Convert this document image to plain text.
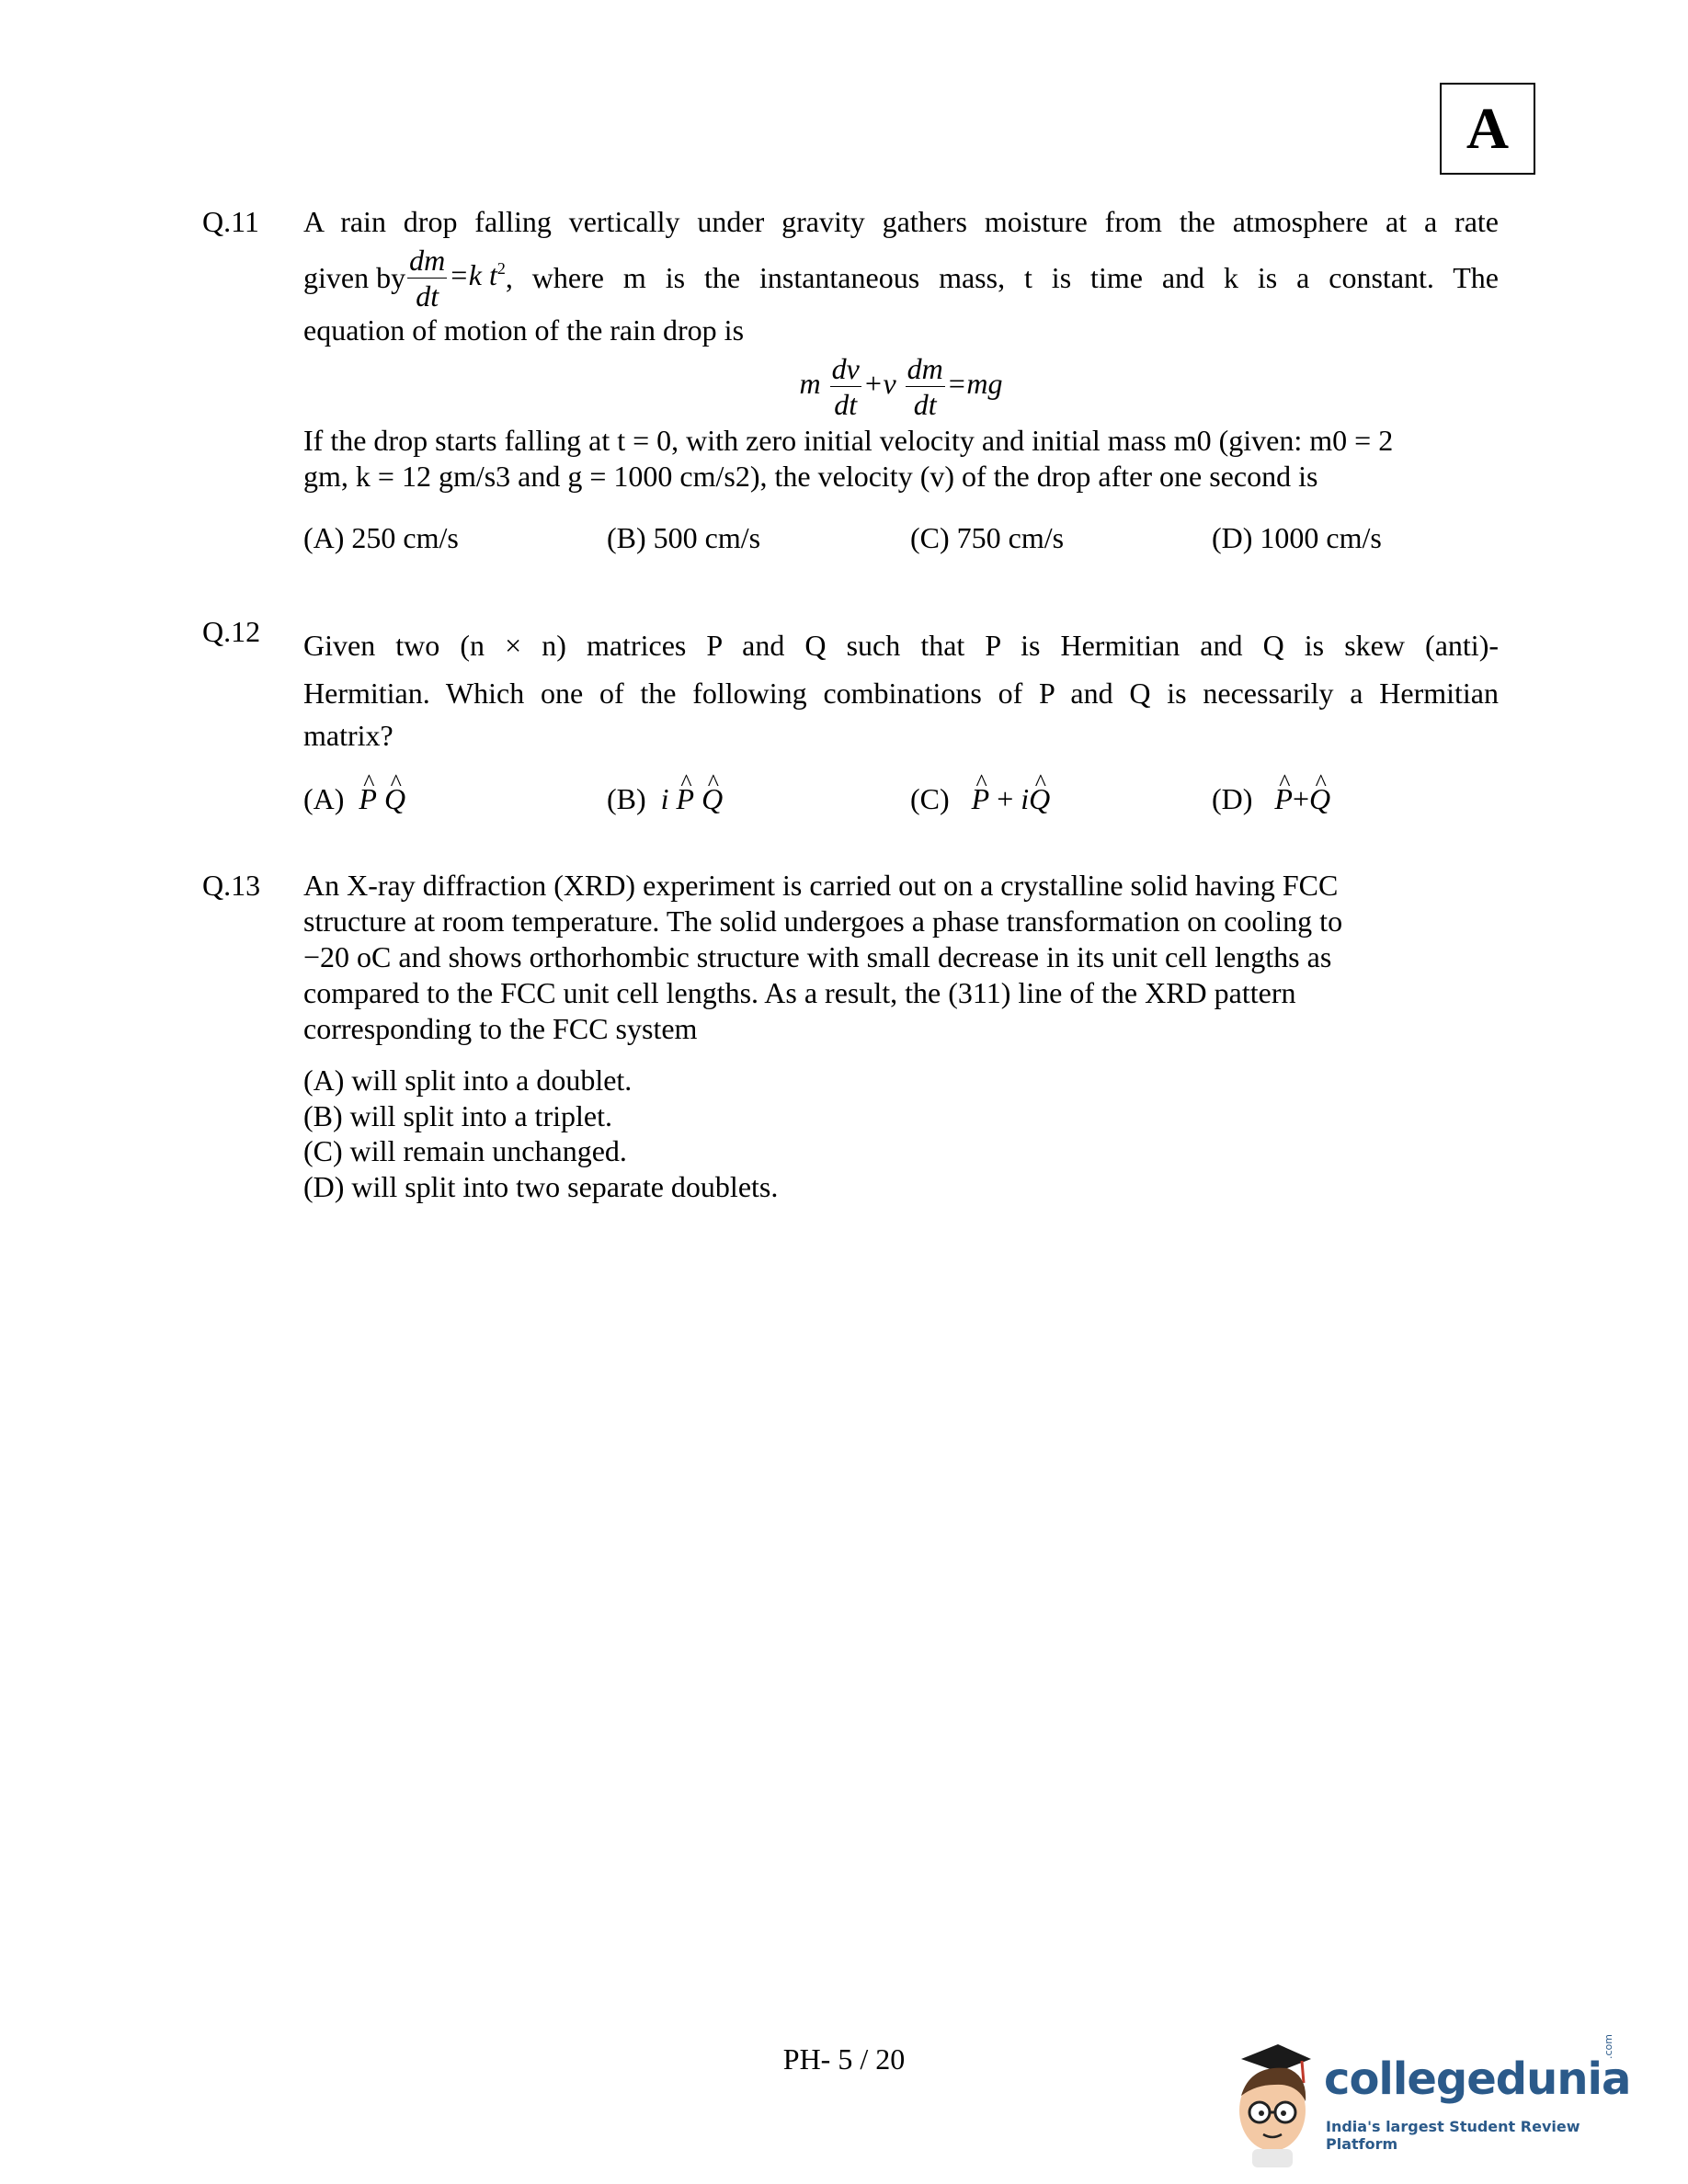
A
Q.11 A rain drop falling vertically under gravity gathers moisture from the atmosphere at a rate
given by $\frac{dm}{dt} =k$ $t^2$ , where m is the instantaneous mass, t is time and k is a constant. The
equation of motion of the rain drop is
m $\frac{dv}{dt} +v \frac{dm}{dt} =mg$
If the drop starts falling at t = 0, with zero initial velocity and initial mass m0 (given: m0 = 2
gm, k = 12 gm/s3 and g = 1000 cm/s2), the velocity (v) of the drop after one second is
(A) 250 cm/s	(B) 500 cm/s	(C) 750 cm/s	(D) 1000 cm/s
Q.12 Given two (n × n) matrices P and Q such that P is Hermitian and Q is skew (anti)-
Hermitian. Which one of the following combinations of P and Q is necessarily a Hermitian
matrix?
(A) ^ P ^ Q	(B) i ^ P ^ Q	(C) ^ P + i^ Q	(D) ^ P+^ Q
Q.13 An X-ray diffraction (XRD) experiment is carried out on a crystalline solid having FCC
structure at room temperature. The solid undergoes a phase transformation on cooling to
−20 oC and shows orthorhombic structure with small decrease in its unit cell lengths as
compared to the FCC unit cell lengths. As a result, the (311) line of the XRD pattern
corresponding to the FCC system
(A) will split into a doublet.
(B) will split into a triplet.
(C) will remain unchanged.
(D) will split into two separate doublets.
PH- 5 / 20	collegedunia
.com
India's largest Student Review Platform
